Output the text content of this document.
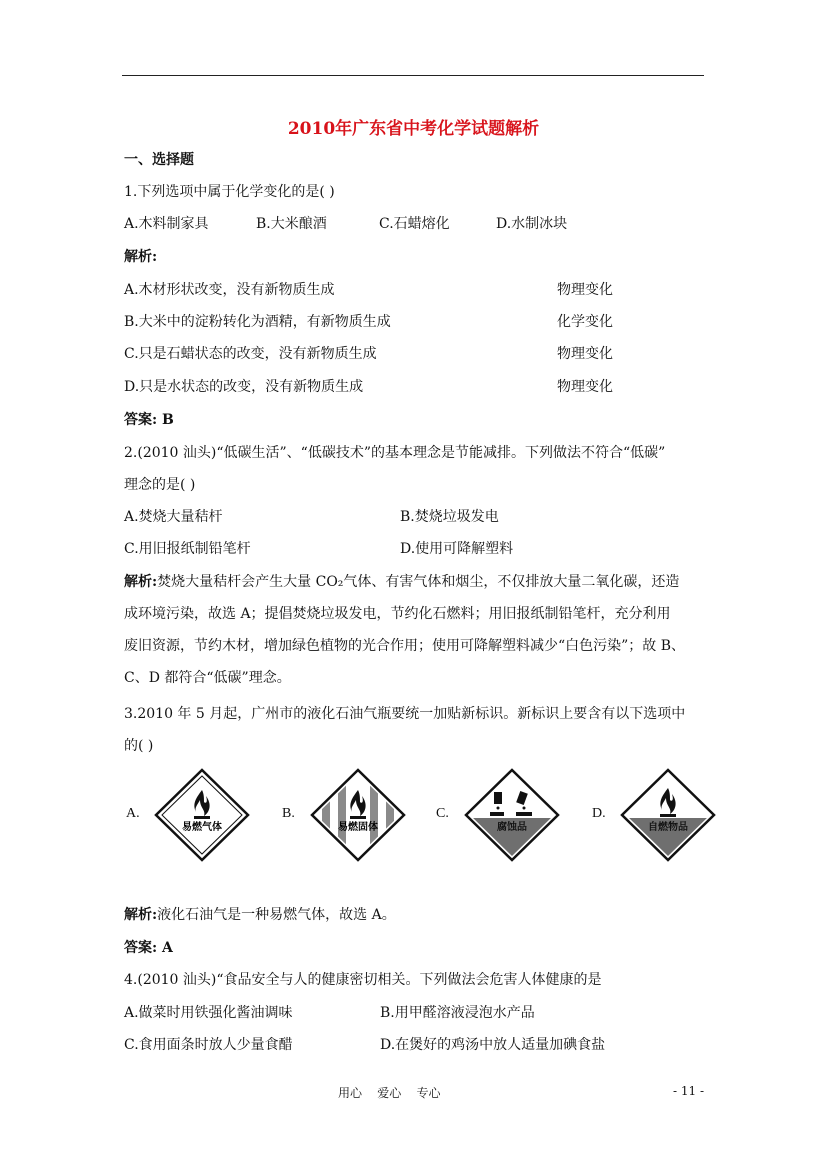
2010年广东省中考化学试题解析
一、选择题
1.下列选项中属于化学变化的是( )
A.木料制家具	B.大米酿酒	C.石蜡熔化	D.水制冰块
解析:
A.木材形状改变，没有新物质生成	物理变化
B.大米中的淀粉转化为酒精，有新物质生成	化学变化
C.只是石蜡状态的改变，没有新物质生成	物理变化
D.只是水状态的改变，没有新物质生成	物理变化
答案: B
2.(2010 汕头)“低碳生活”、“低碳技术”的基本理念是节能减排。下列做法不符合“低碳”
理念的是( )
A.焚烧大量秸杆	B.焚烧垃圾发电
C.用旧报纸制铅笔杆	D.使用可降解塑料
解析:焚烧大量秸杆会产生大量 CO₂气体、有害气体和烟尘，不仅排放大量二氧化碳，还造
成环境污染，故选 A；提倡焚烧垃圾发电，节约化石燃料；用旧报纸制铅笔杆，充分利用
废旧资源，节约木材，增加绿色植物的光合作用；使用可降解塑料减少“白色污染”；故 B、
C、D 都符合“低碳”理念。
3.2010 年 5 月起，广州市的液化石油气瓶要统一加贴新标识。新标识上要含有以下选项中
的( )
A.
易燃气体
B.
易燃固体
C.
腐蚀品
D.
自燃物品
解析:液化石油气是一种易燃气体，故选 A。
答案: A
4.(2010 汕头)“食品安全与人的健康密切相关。下列做法会危害人体健康的是
A.做菜时用铁强化酱油调味	B.用甲醛溶液浸泡水产品
C.食用面条时放人少量食醋	D.在煲好的鸡汤中放人适量加碘食盐
用心    爱心    专心	- 11 -
